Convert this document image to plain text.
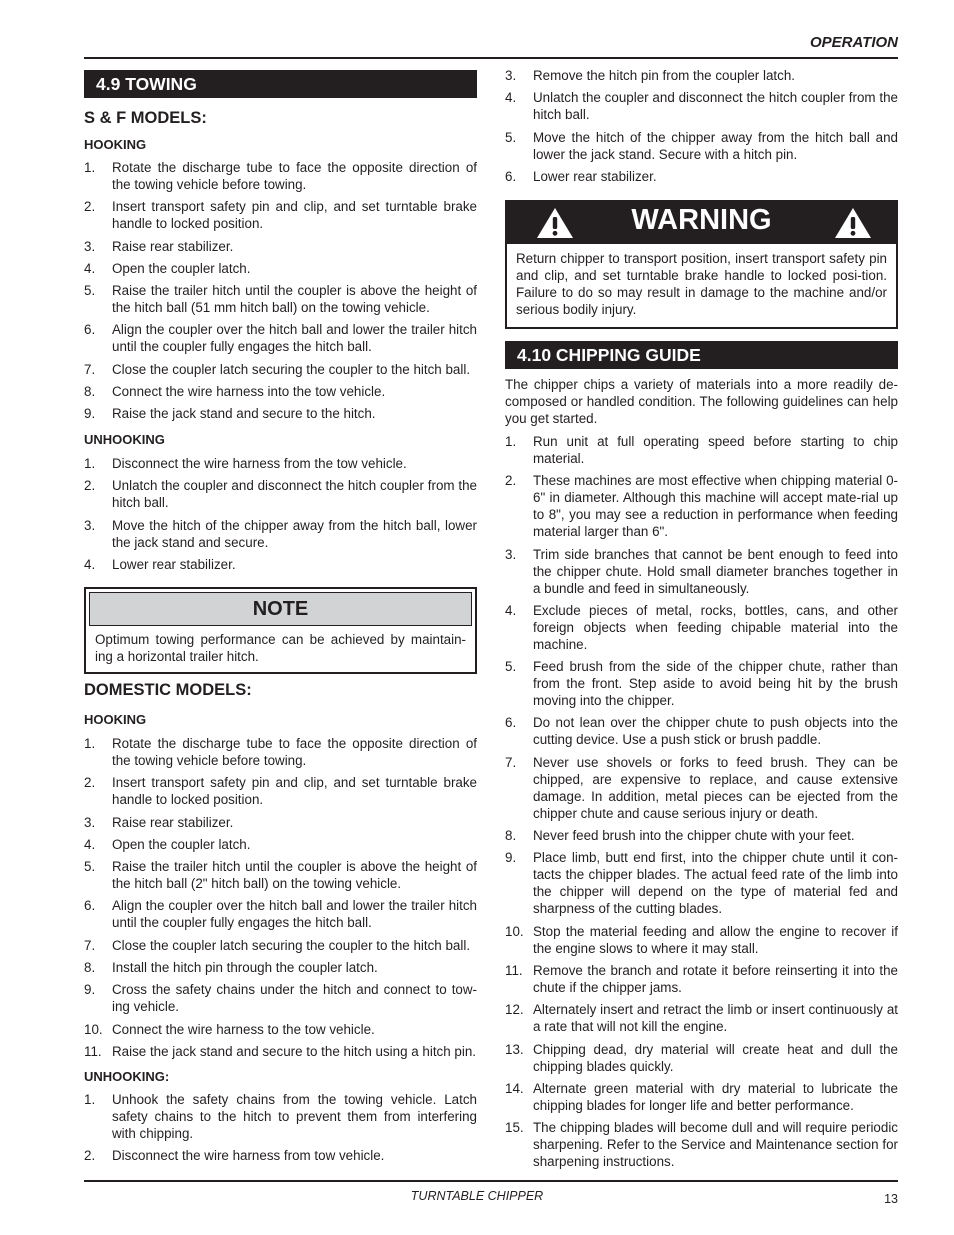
OPERATION
4.9 TOWING
S & F MODELS:
HOOKING
1. Rotate the discharge tube to face the opposite direction of the towing vehicle before towing.
2. Insert transport safety pin and clip, and set turntable brake handle to locked position.
3. Raise rear stabilizer.
4. Open the coupler latch.
5. Raise the trailer hitch until the coupler is above the height of the hitch ball (51 mm hitch ball) on the towing vehicle.
6. Align the coupler over the hitch ball and lower the trailer hitch until the coupler fully engages the hitch ball.
7. Close the coupler latch securing the coupler to the hitch ball.
8. Connect the wire harness into the tow vehicle.
9. Raise the jack stand and secure to the hitch.
UNHOOKING
1. Disconnect the wire harness from the tow vehicle.
2. Unlatch the coupler and disconnect the hitch coupler from the hitch ball.
3. Move the hitch of the chipper away from the hitch ball, lower the jack stand and secure.
4. Lower rear stabilizer.
NOTE
Optimum towing performance can be achieved by maintain-ing a horizontal trailer hitch.
DOMESTIC MODELS:
HOOKING
1. Rotate the discharge tube to face the opposite direction of the towing vehicle before towing.
2. Insert transport safety pin and clip, and set turntable brake handle to locked position.
3. Raise rear stabilizer.
4. Open the coupler latch.
5. Raise the trailer hitch until the coupler is above the height of the hitch ball (2" hitch ball) on the towing vehicle.
6. Align the coupler over the hitch ball and lower the trailer hitch until the coupler fully engages the hitch ball.
7. Close the coupler latch securing the coupler to the hitch ball.
8. Install the hitch pin through the coupler latch.
9. Cross the safety chains under the hitch and connect to tow-ing vehicle.
10. Connect the wire harness to the tow vehicle.
11. Raise the jack stand and secure to the hitch using a hitch pin.
UNHOOKING:
1. Unhook the safety chains from the towing vehicle. Latch safety chains to the hitch to prevent them from interfering with chipping.
2. Disconnect the wire harness from tow vehicle.
3. Remove the hitch pin from the coupler latch.
4. Unlatch the coupler and disconnect the hitch coupler from the hitch ball.
5. Move the hitch of the chipper away from the hitch ball and lower the jack stand. Secure with a hitch pin.
6. Lower rear stabilizer.
WARNING
Return chipper to transport position, insert transport safety pin and clip, and set turntable brake handle to locked posi-tion. Failure to do so may result in damage to the machine and/or serious bodily injury.
4.10 CHIPPING GUIDE
The chipper chips a variety of materials into a more readily de-composed or handled condition. The following guidelines can help you get started.
1. Run unit at full operating speed before starting to chip material.
2. These machines are most effective when chipping material 0-6" in diameter. Although this machine will accept mate-rial up to 8", you may see a reduction in performance when feeding material larger than 6".
3. Trim side branches that cannot be bent enough to feed into the chipper chute. Hold small diameter branches together in a bundle and feed in simultaneously.
4. Exclude pieces of metal, rocks, bottles, cans, and other foreign objects when feeding chipable material into the machine.
5. Feed brush from the side of the chipper chute, rather than from the front. Step aside to avoid being hit by the brush moving into the chipper.
6. Do not lean over the chipper chute to push objects into the cutting device. Use a push stick or brush paddle.
7. Never use shovels or forks to feed brush. They can be chipped, are expensive to replace, and cause extensive damage. In addition, metal pieces can be ejected from the chipper chute and cause serious injury or death.
8. Never feed brush into the chipper chute with your feet.
9. Place limb, butt end first, into the chipper chute until it con-tacts the chipper blades. The actual feed rate of the limb into the chipper will depend on the type of material fed and sharpness of the cutting blades.
10. Stop the material feeding and allow the engine to recover if the engine slows to where it may stall.
11. Remove the branch and rotate it before reinserting it into the chute if the chipper jams.
12. Alternately insert and retract the limb or insert continuously at a rate that will not kill the engine.
13. Chipping dead, dry material will create heat and dull the chipping blades quickly.
14. Alternate green material with dry material to lubricate the chipping blades for longer life and better performance.
15. The chipping blades will become dull and will require periodic sharpening. Refer to the Service and Maintenance section for sharpening instructions.
TURNTABLE CHIPPER	13
